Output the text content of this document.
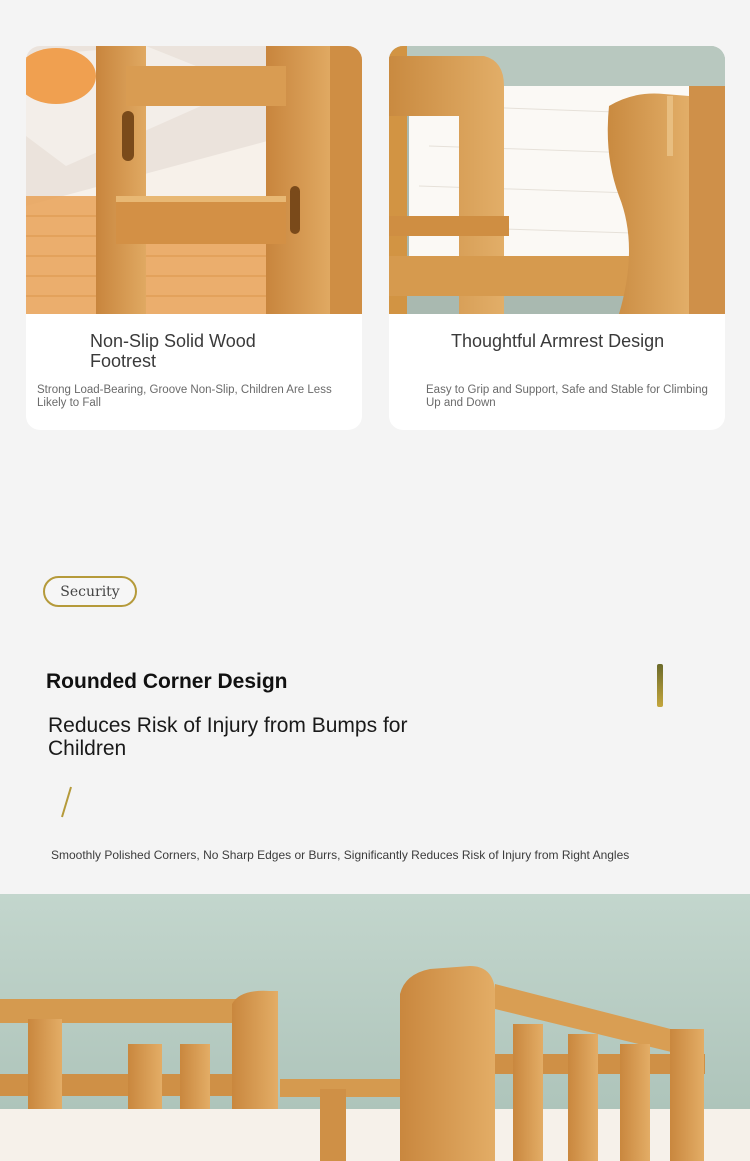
Non-Slip Solid Wood Footrest
Strong Load-Bearing, Groove Non-Slip, Children Are Less Likely to Fall
Thoughtful Armrest Design
Easy to Grip and Support, Safe and Stable for Climbing Up and Down
Security
Rounded Corner Design
Reduces Risk of Injury from Bumps for Children
Smoothly Polished Corners, No Sharp Edges or Burrs, Significantly Reduces Risk of Injury from Right Angles
